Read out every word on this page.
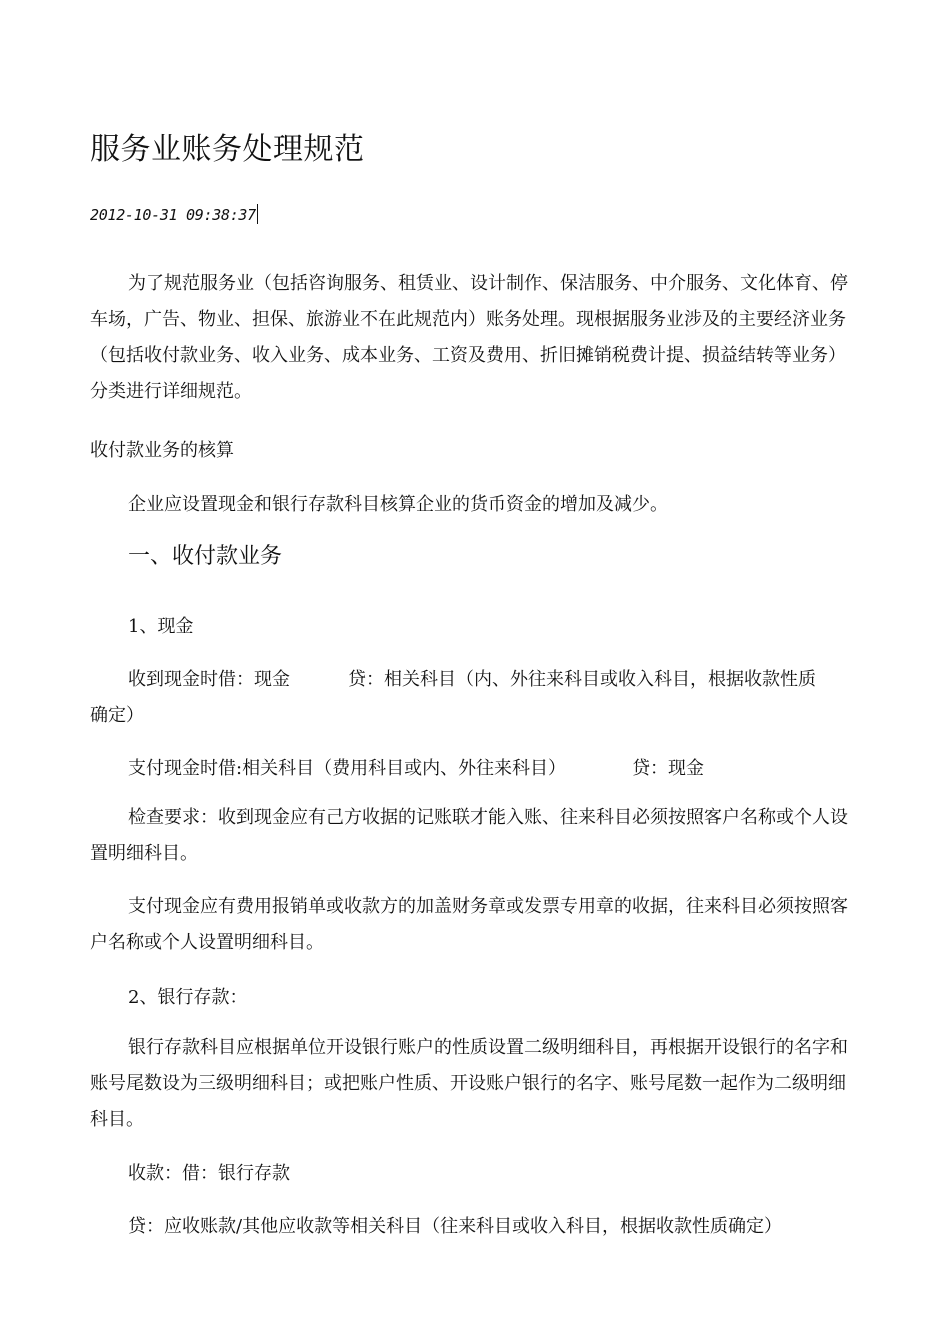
服务业账务处理规范
2012-10-31 09:38:37

为了规范服务业（包括咨询服务、租赁业、设计制作、保洁服务、中介服务、文化体育、停车场，广告、物业、担保、旅游业不在此规范内）账务处理。现根据服务业涉及的主要经济业务（包括收付款业务、收入业务、成本业务、工资及费用、折旧摊销税费计提、损益结转等业务）分类进行详细规范。

收付款业务的核算
企业应设置现金和银行存款科目核算企业的货币资金的增加及减少。
一、收付款业务
1、现金
收到现金时借：现金	贷：相关科目（内、外往来科目或收入科目，根据收款性质
确定）
支付现金时借:相关科目（费用科目或内、外往来科目）	贷：现金

检查要求：收到现金应有己方收据的记账联才能入账、往来科目必须按照客户名称或个人设置明细科目。

支付现金应有费用报销单或收款方的加盖财务章或发票专用章的收据，往来科目必须按照客户名称或个人设置明细科目。

2、银行存款：

银行存款科目应根据单位开设银行账户的性质设置二级明细科目，再根据开设银行的名字和账号尾数设为三级明细科目；或把账户性质、开设账户银行的名字、账号尾数一起作为二级明细科目。

收款：借：银行存款
贷：应收账款/其他应收款等相关科目（往来科目或收入科目，根据收款性质确定）
